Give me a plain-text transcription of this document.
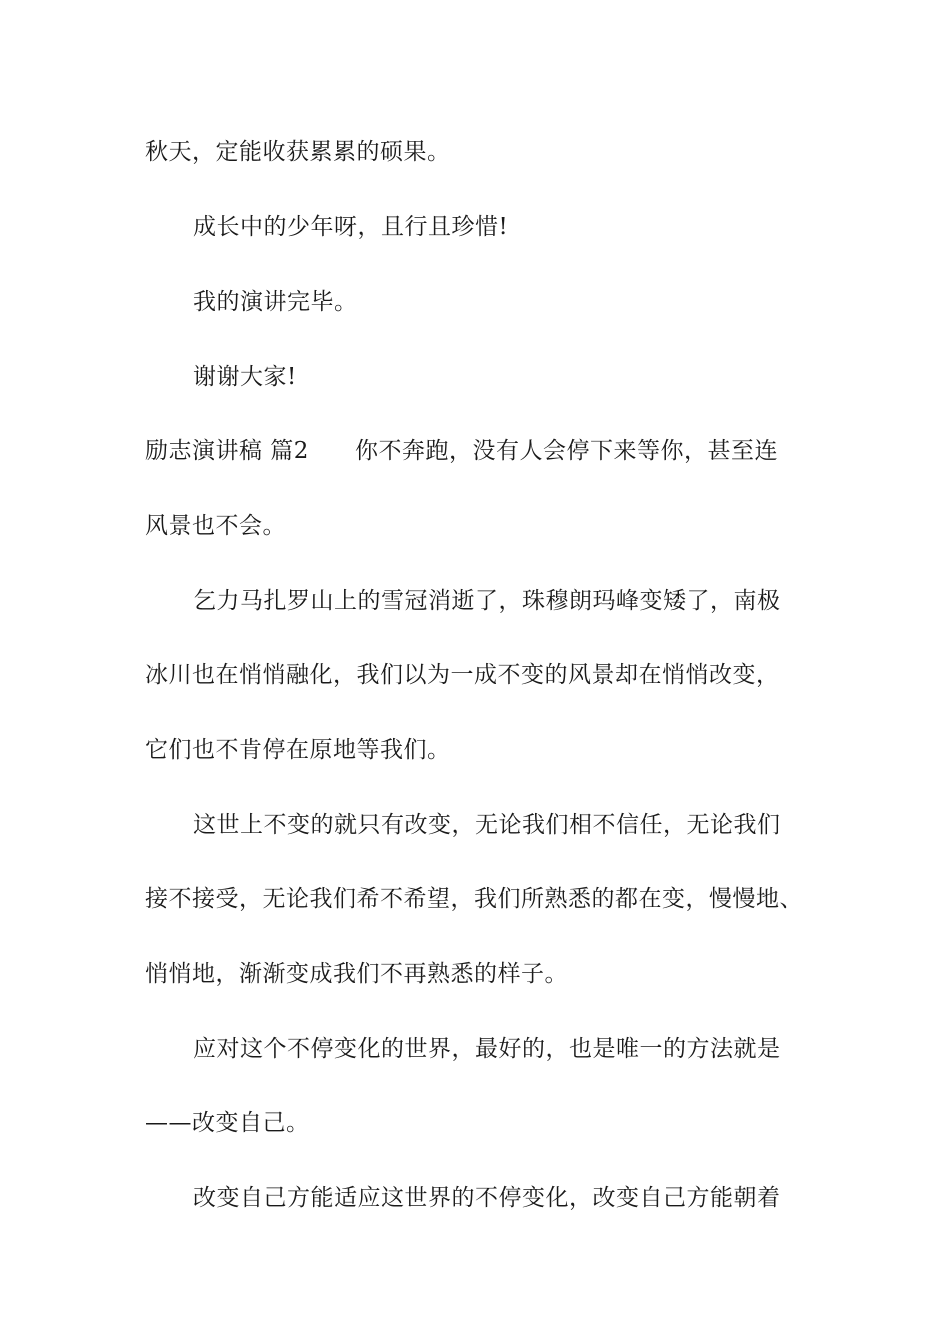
秋天，定能收获累累的硕果。
成长中的少年呀，且行且珍惜!
我的演讲完毕。
谢谢大家!
励志演讲稿 篇2 你不奔跑，没有人会停下来等你，甚至连
风景也不会。
乞力马扎罗山上的雪冠消逝了，珠穆朗玛峰变矮了，南极
冰川也在悄悄融化，我们以为一成不变的风景却在悄悄改变，
它们也不肯停在原地等我们。
这世上不变的就只有改变，无论我们相不信任，无论我们
接不接受，无论我们希不希望，我们所熟悉的都在变，慢慢地、
悄悄地，渐渐变成我们不再熟悉的样子。
应对这个不停变化的世界，最好的，也是唯一的方法就是
——改变自己。
改变自己方能适应这世界的不停变化，改变自己方能朝着
